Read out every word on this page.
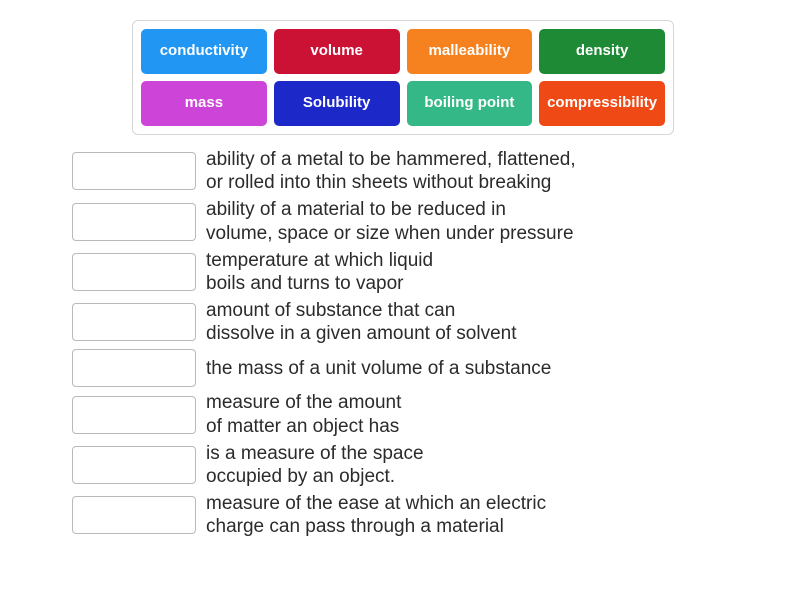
conductivity	volume	malleability	density
mass	Solubility	boiling point	compressibility
ability of a metal to be hammered, flattened,
or rolled into thin sheets without breaking
ability of a material to be reduced in
volume, space or size when under pressure
temperature at which liquid
boils and turns to vapor
amount of substance that can
dissolve in a given amount of solvent
the mass of a unit volume of a substance
measure of the amount
of matter an object has
is a measure of the space
occupied by an object.
measure of the ease at which an electric
charge can pass through a material
